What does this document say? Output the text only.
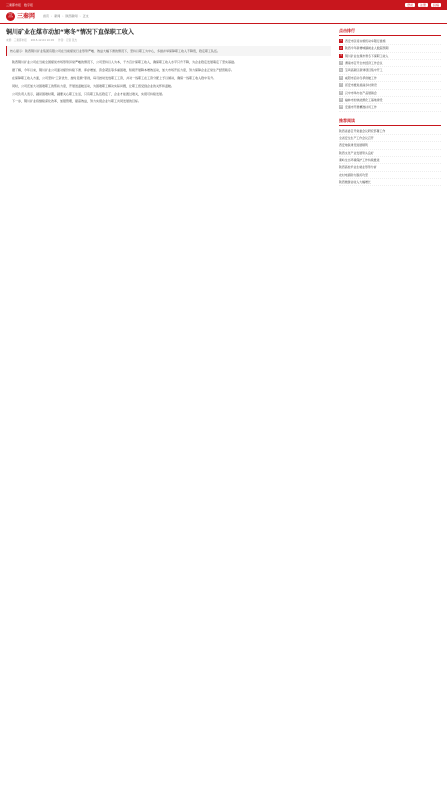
三秦都市报 数字报	登录	注册	投稿
三 三秦网	首页 › 新闻 › 陕西新闻 › 正文
铜川矿业在煤市动加“寒冬”情况下直保职工收入
来源：三秦都市报 2015-12-04 10:45 作者：记者 张杰
核心提示：陕西铜川矿业集团有限公司在当前煤炭行业形势严峻、效益大幅下滑的情况下，坚持以职工为中心，多措并举保障职工收入不降低，稳定职工队伍。

陕西铜川矿业公司在当前全国煤炭市场形势异常严峻的情况下，公司坚持以人为本，千方百计保职工收入，确保职工收入水平只升不降，为企业稳定发展奠定了坚实基础。

据了解，今年以来，铜川矿业公司面对煤价持续下滑、库存增加、资金紧张等多重困难，积极开展降本增效活动，加大市场开拓力度，努力保障企业正常生产经营秩序。

在保障职工收入方面，公司坚持“工资优先、按时足额”原则，每月按时发放职工工资，并对一线职工在工资分配上予以倾斜，确保一线职工收入稳中有升。

同时，公司还加大对困难职工的帮扶力度，开展送温暖活动，为困难职工解决实际问题，让职工感受到企业的关怀和温暖。

公司负责人表示，越是困难时期，越要关心职工生活，只有职工队伍稳定了，企业才能渡过难关，实现可持续发展。

下一步，铜川矿业将继续深化改革，加强管理，提高效益，努力实现企业与职工共同发展的目标。

点击排行
1	西安市区将实施机动车限行措施
2	陕西今年新增城镇就业人数超预期
3	铜川矿业在煤市寒冬下保职工收入
4	渭南市召开全市经济工作会议
5	宝鸡高新区新建项目集中开工
6	咸阳市启动冬季供暖工作
7	延安市推进美丽乡村建设
8	汉中市举办农产品展销会
9	榆林市加快能源化工基地建设
10 安康市开展精准扶贫工作
推荐阅读
陕西省委召开常委会议研究部署工作
全省安全生产工作会议召开
西安地铁建设进展顺利
陕西文化产业发展势头良好
秦岭生态环境保护工作持续推进
陕西高校毕业生就业形势分析
农村电商助力脱贫攻坚
陕西旅游业收入大幅增长
